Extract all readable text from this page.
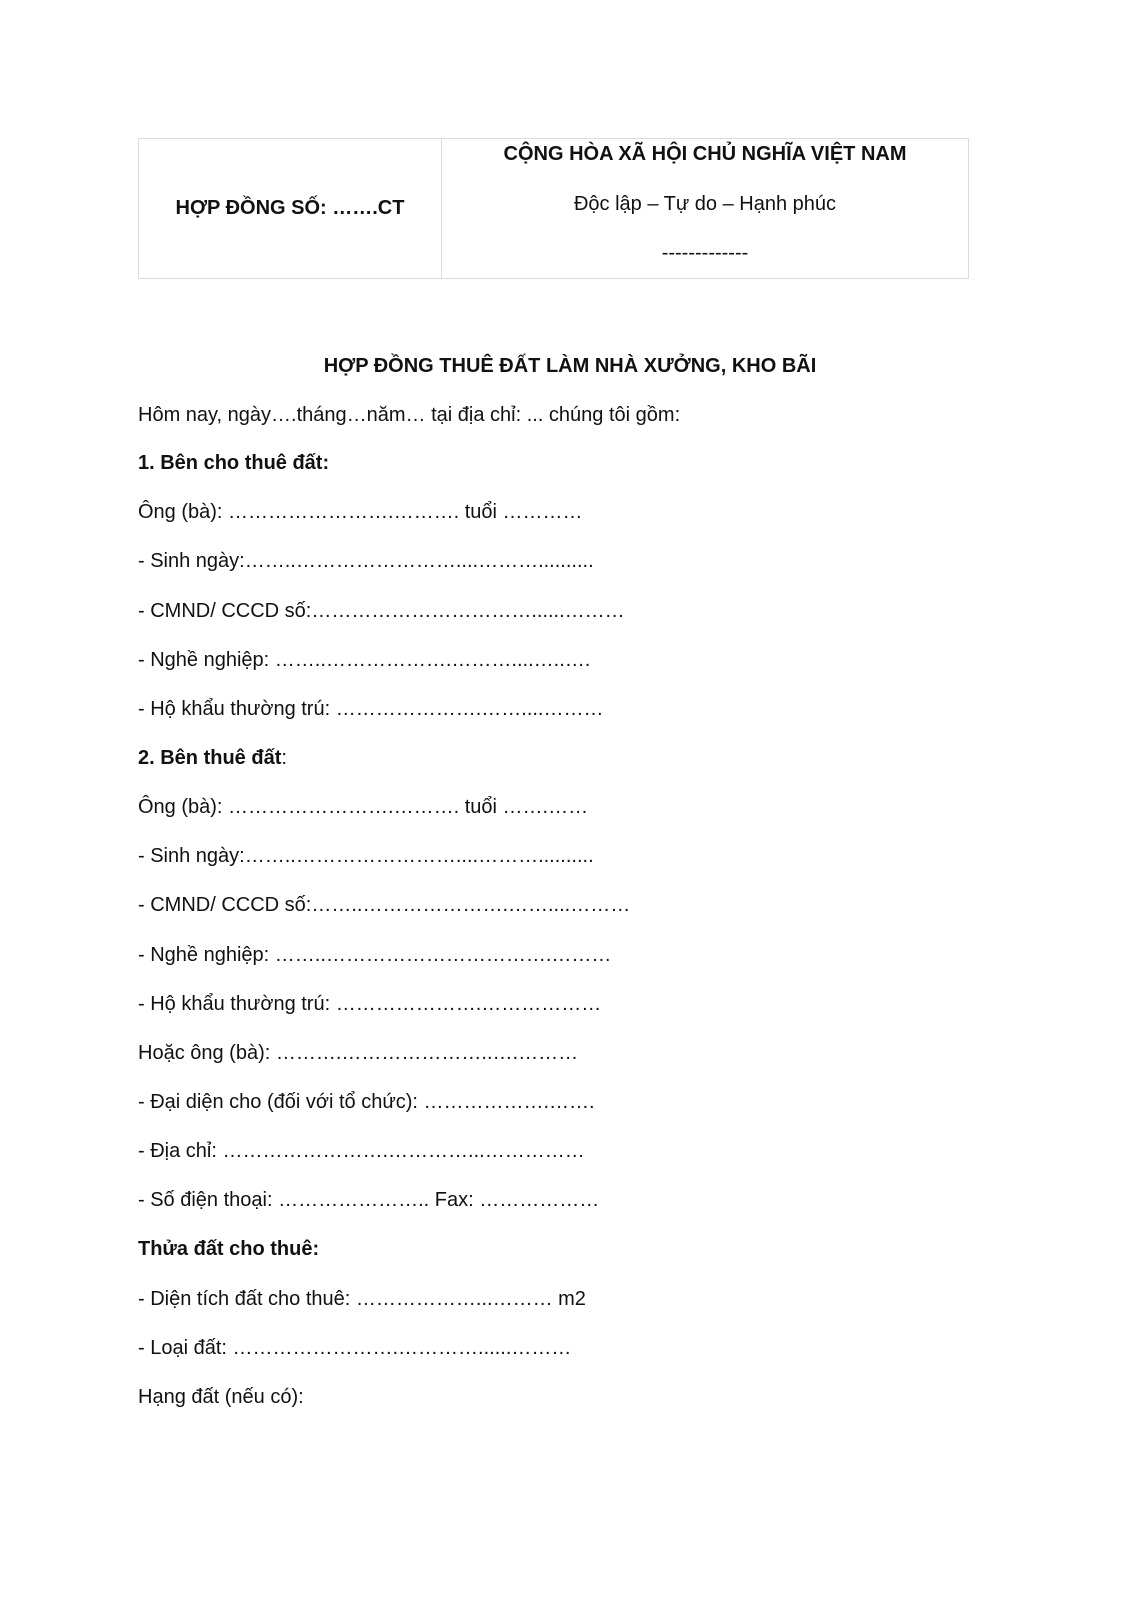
HỢP ĐỒNG SỐ: …….CT
CỘNG HÒA XÃ HỘI CHỦ NGHĨA VIỆT NAM
Độc lập – Tự do – Hạnh phúc
-------------
HỢP ĐỒNG THUÊ ĐẤT LÀM NHÀ XƯỞNG, KHO BÃI
Hôm nay, ngày….tháng…năm… tại địa chỉ: ... chúng tôi gồm:
1. Bên cho thuê đất:
Ông (bà): …………………….………. tuổi …………
- Sinh ngày:……..……………………....………..........
- CMND/ CCCD số:……………………………......………
- Nghề nghiệp: ……..……………….………....…..….
- Hộ khẩu thường trú: ………………….……....………
2. Bên thuê đất:
Ông (bà): …………………….………. tuổi …….……
- Sinh ngày:……..……………………....………..........
- CMND/ CCCD số:……..………………….……....………
- Nghề nghiệp: ……..…………………………….………
- Hộ khẩu thường trú: ………………….………………
Hoặc ông (bà): ……….…………………..….………
- Đại diện cho (đối với tổ chức): ……………….…….
- Địa chỉ: …………………….…………...……………
- Số điện thoại: ………………….. Fax: ………………
Thửa đất cho thuê:
- Diện tích đất cho thuê: ………………...……… m2
- Loại đất: …………………….…………......………
Hạng đất (nếu có):
